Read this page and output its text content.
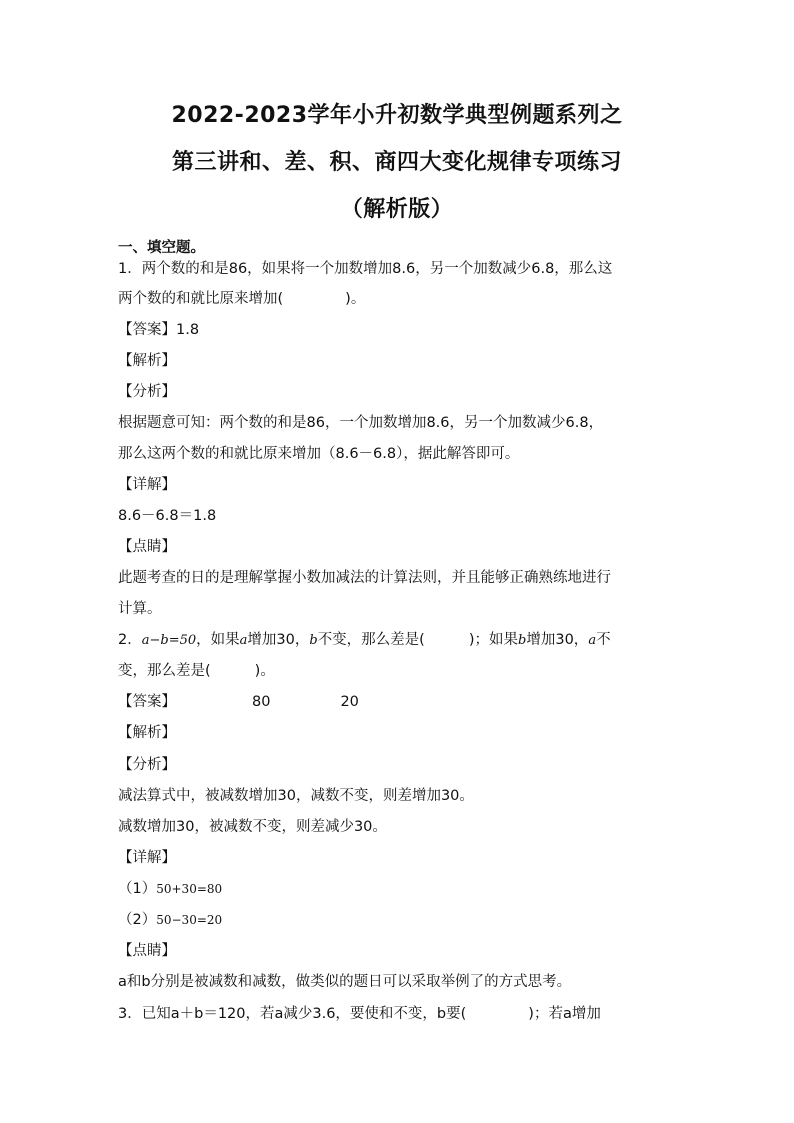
2022-2023学年小升初数学典型例题系列之
第三讲和、差、积、商四大变化规律专项练习
（解析版）
一、填空题。
1．两个数的和是86，如果将一个加数增加8.6，另一个加数减少6.8，那么这
两个数的和就比原来增加(	)。
【答案】1.8
【解析】
【分析】
根据题意可知：两个数的和是86，一个加数增加8.6，另一个加数减少6.8，
那么这两个数的和就比原来增加（8.6－6.8），据此解答即可。
【详解】
8.6－6.8＝1.8
【点睛】
此题考查的日的是理解掌握小数加减法的计算法则，并且能够正确熟练地进行
计算。
2．a−b=50，如果a增加30，b不变，那么差是(	)；如果b增加30，a不
变，那么差是(	)。
【答案】	80	20
【解析】
【分析】
减法算式中，被减数增加30，减数不变，则差增加30。
减数增加30，被减数不变，则差减少30。
【详解】
（1）50+30=80
（2）50−30=20
【点睛】
a和b分别是被减数和减数，做类似的题日可以采取举例了的方式思考。
3．已知a＋b＝120，若a减少3.6，要使和不变，b要(	)；若a增加
